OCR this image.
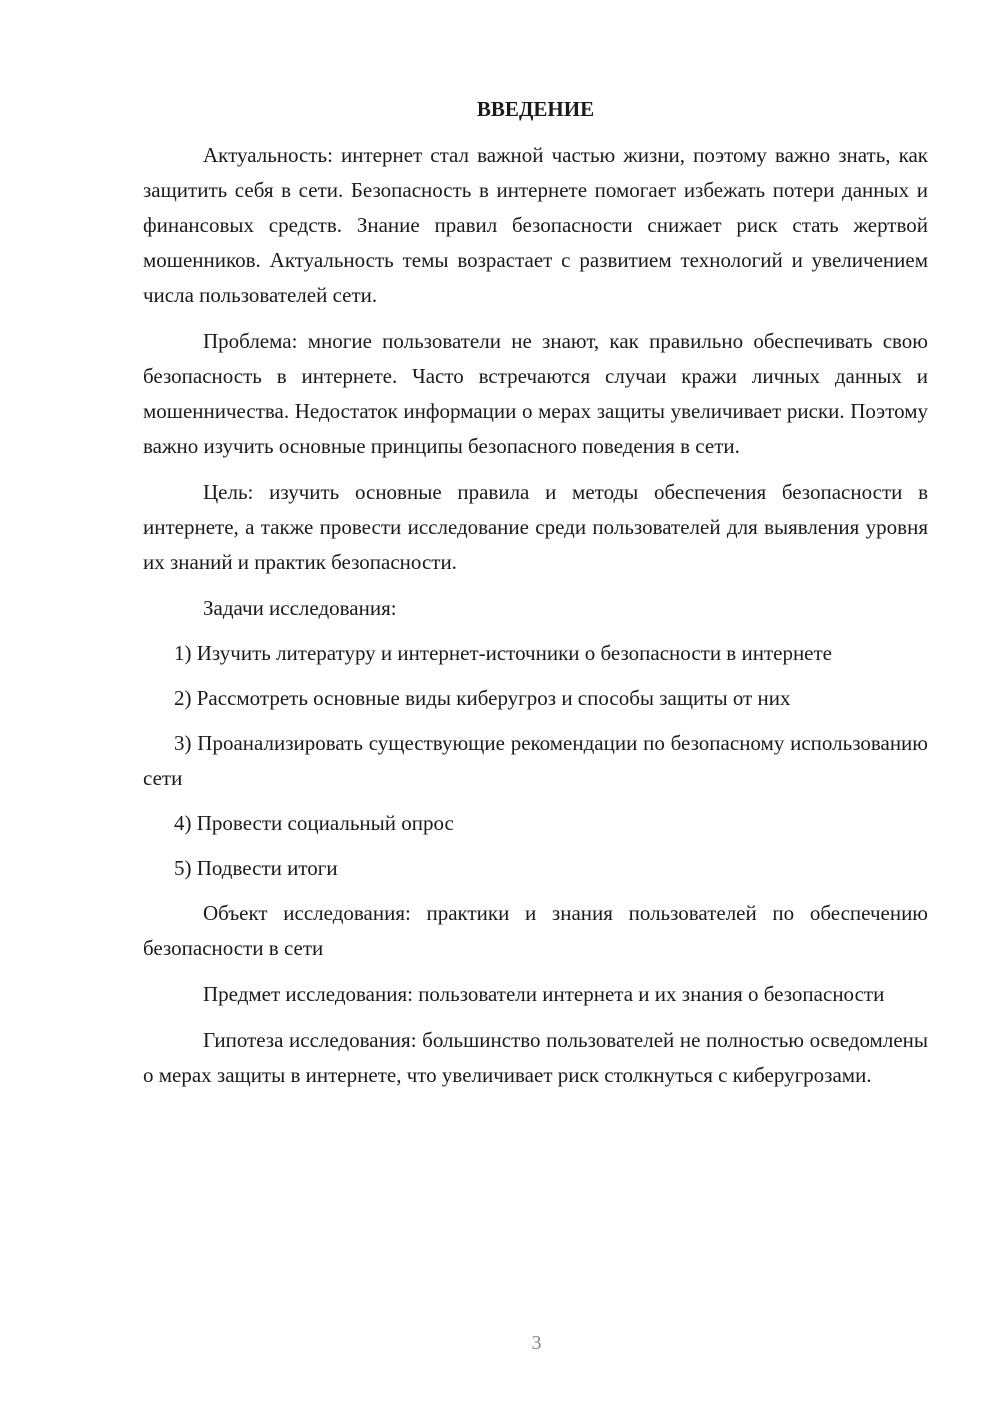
ВВЕДЕНИЕ

Актуальность: интернет стал важной частью жизни, поэтому важно знать, как защитить себя в сети. Безопасность в интернете помогает избежать потери данных и финансовых средств. Знание правил безопасности снижает риск стать жертвой мошенников. Актуальность темы возрастает с развитием технологий и увеличением числа пользователей сети.

Проблема: многие пользователи не знают, как правильно обеспечивать свою безопасность в интернете. Часто встречаются случаи кражи личных данных и мошенничества. Недостаток информации о мерах защиты увеличивает риски. Поэтому важно изучить основные принципы безопасного поведения в сети.

Цель: изучить основные правила и методы обеспечения безопасности в интернете, а также провести исследование среди пользователей для выявления уровня их знаний и практик безопасности.

Задачи исследования:

1) Изучить литературу и интернет-источники о безопасности в интернете

2) Рассмотреть основные виды киберугроз и способы защиты от них

3) Проанализировать существующие рекомендации по безопасному использованию сети

4) Провести социальный опрос

5) Подвести итоги

Объект исследования: практики и знания пользователей по обеспечению безопасности в сети

Предмет исследования: пользователи интернета и их знания о безопасности

Гипотеза исследования: большинство пользователей не полностью осведомлены о мерах защиты в интернете, что увеличивает риск столкнуться с киберугрозами.

3
